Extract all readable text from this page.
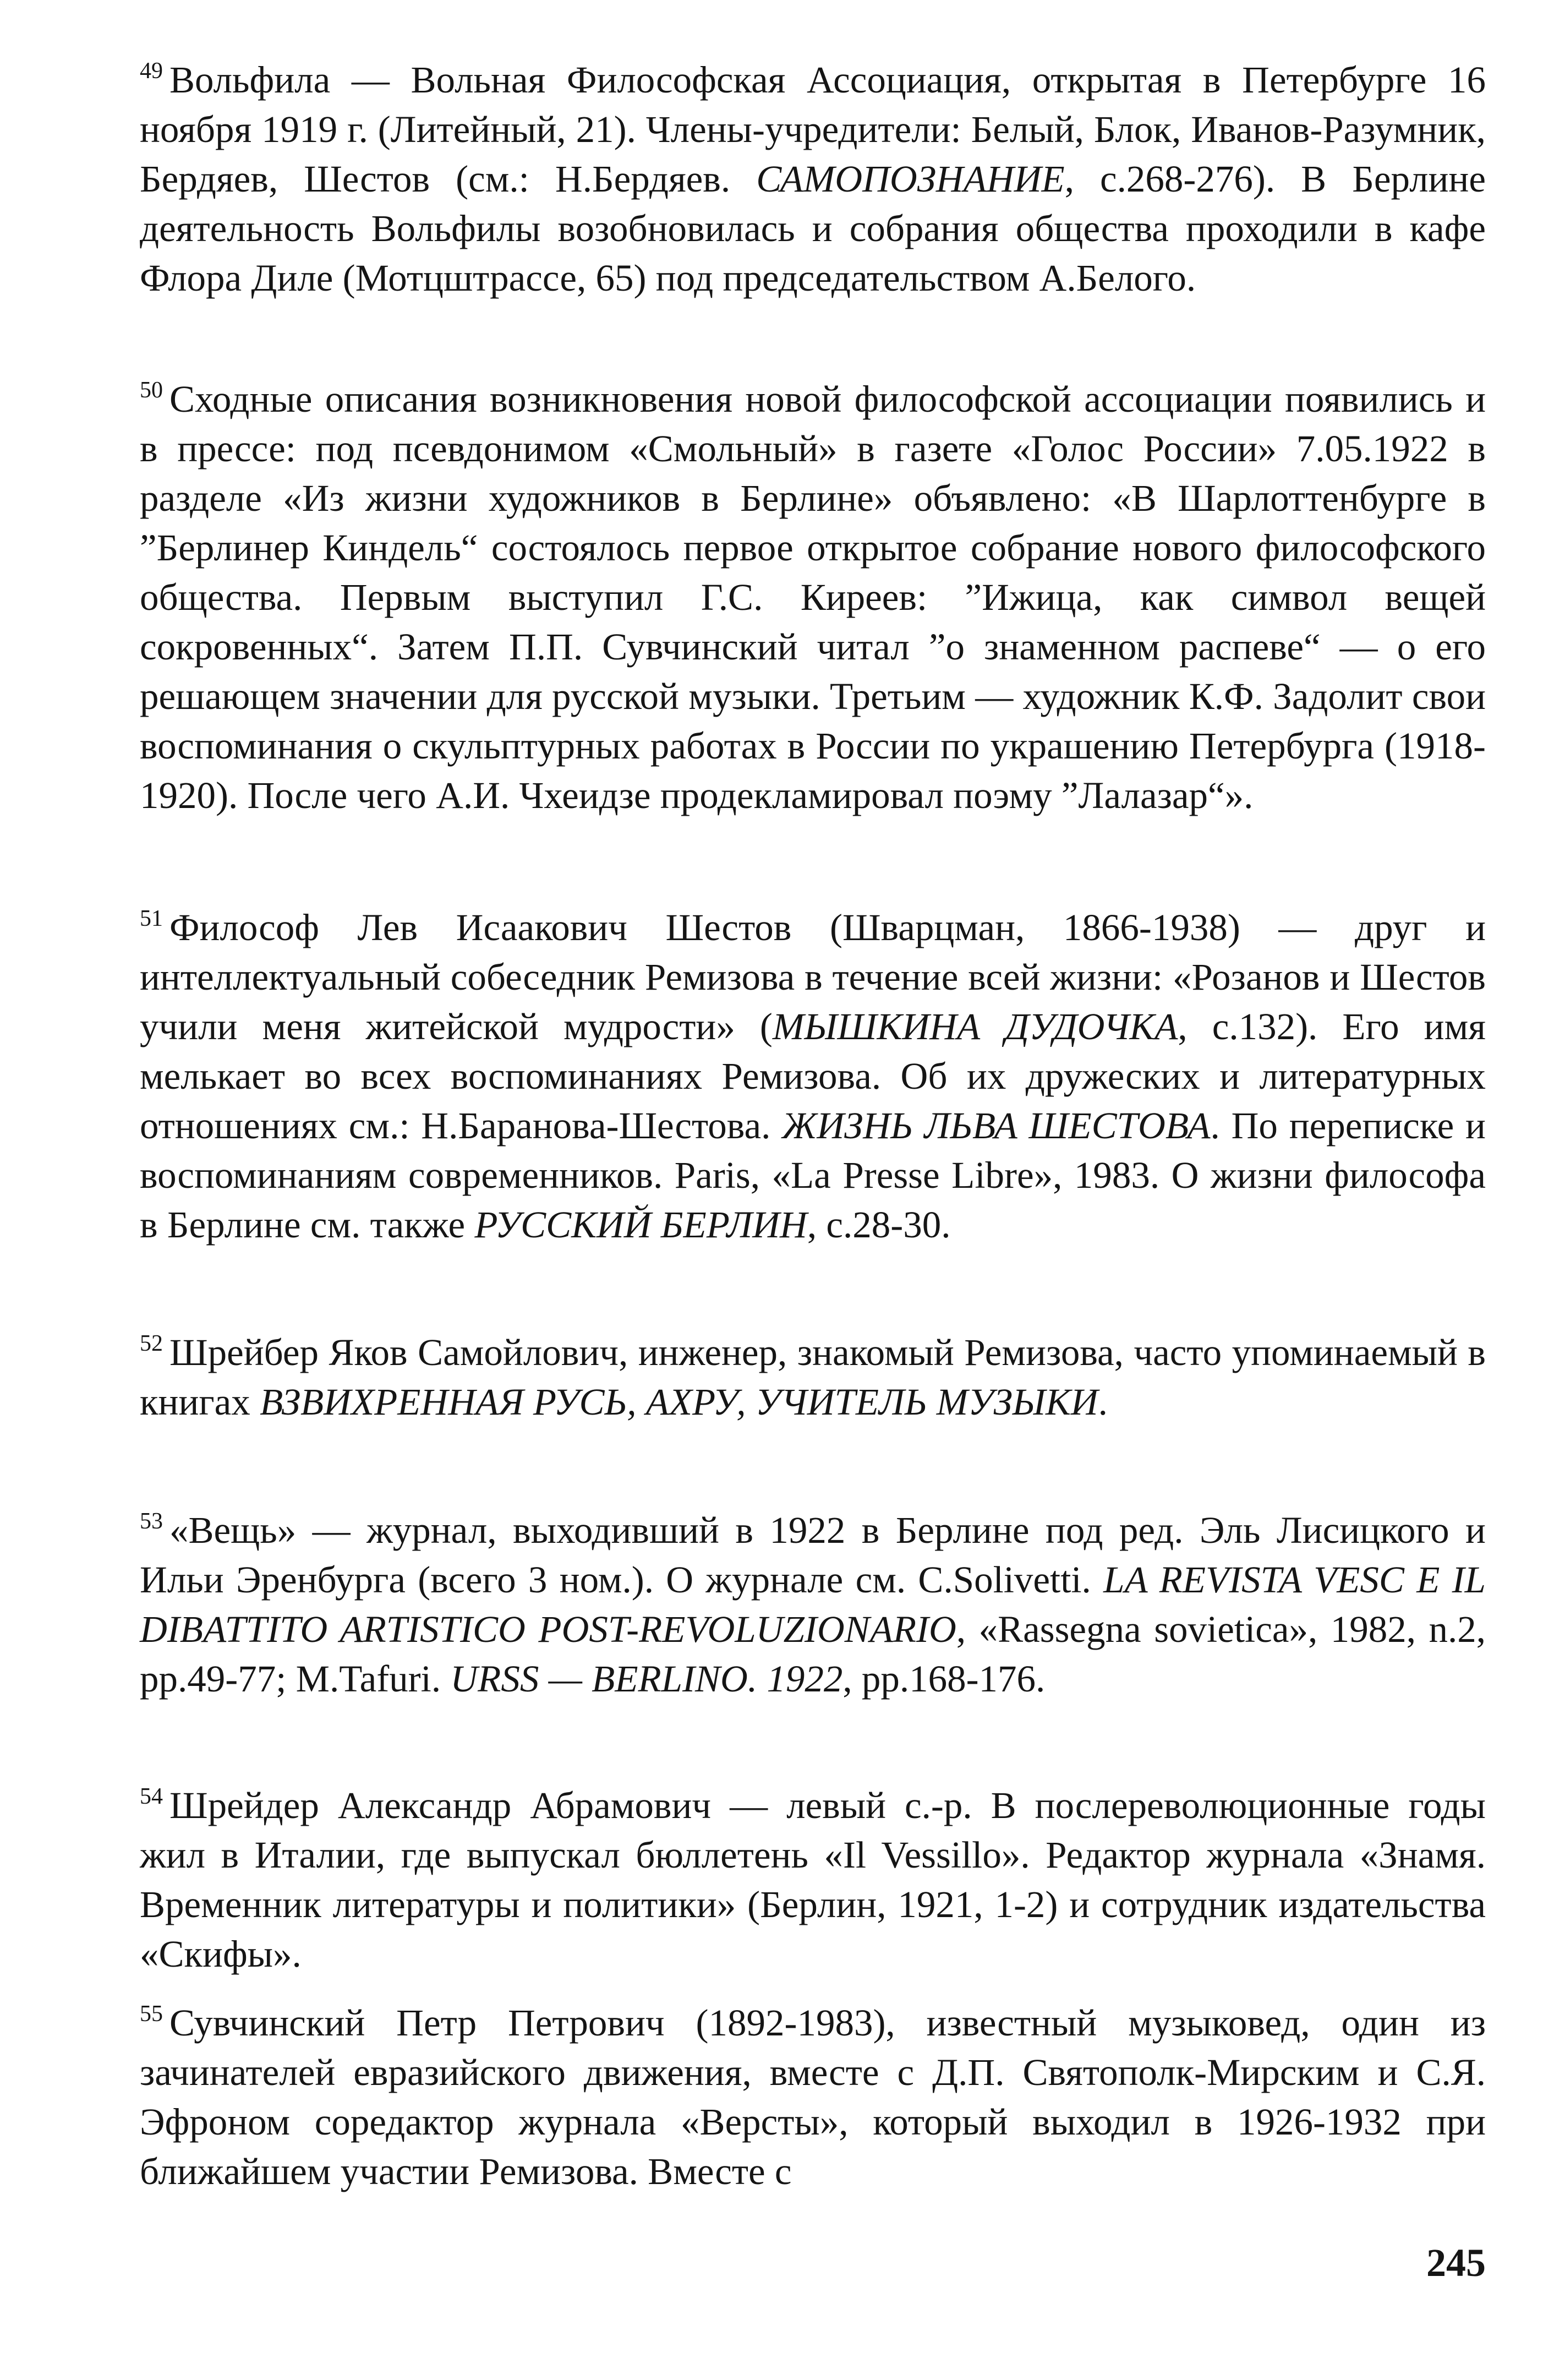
$^{49}$ Вольфила — Вольная Философская Ассоциация, открытая в Петербурге 16 ноября 1919 г. (Литейный, 21). Члены-учредители: Белый, Блок, Иванов-Разумник, Бердяев, Шестов (см.: Н.Бердяев. САМОПОЗНАНИЕ, с.268-276). В Берлине деятельность Вольфилы возобновилась и собрания общества проходили в кафе Флора Диле (Мотцштрассе, 65) под председательством А.Белого.

$^{50}$ Сходные описания возникновения новой философской ассоциации появились и в прессе: под псевдонимом «Смольный» в газете «Голос России» 7.05.1922 в разделе «Из жизни художников в Берлине» объявлено: «В Шарлоттенбурге в ”Берлинер Киндель“ состоялось первое открытое собрание нового философского общества. Первым выступил Г.С. Киреев: ”Ижица, как символ вещей сокровенных“. Затем П.П. Сувчинский читал ”о знаменном распеве“ — о его решающем значении для русской музыки. Третьим — художник К.Ф. Задолит свои воспоминания о скульптурных работах в России по украшению Петербурга (1918-1920). После чего А.И. Чхеидзе продекламировал поэму ”Лалазар“».

$^{51}$ Философ Лев Исаакович Шестов (Шварцман, 1866-1938) — друг и интеллектуальный собеседник Ремизова в течение всей жизни: «Розанов и Шестов учили меня житейской мудрости» (МЫШКИНА ДУДОЧКА, с.132). Его имя мелькает во всех воспоминаниях Ремизова. Об их дружеских и литературных отношениях см.: Н.Баранова-Шестова. ЖИЗНЬ ЛЬВА ШЕСТОВА. По переписке и воспоминаниям современников. Paris, «La Presse Libre», 1983. О жизни философа в Берлине см. также РУССКИЙ БЕРЛИН, с.28-30.

$^{52}$ Шрейбер Яков Самойлович, инженер, знакомый Ремизова, часто упоминаемый в книгах ВЗВИХРЕННАЯ РУСЬ, АХРУ, УЧИТЕЛЬ МУЗЫКИ.

$^{53}$ «Вещь» — журнал, выходивший в 1922 в Берлине под ред. Эль Лисицкого и Ильи Эренбурга (всего 3 ном.). О журнале см. C.Solivetti. LA REVISTA VESC E IL DIBATTITO ARTISTICO POST-REVOLUZIONARIO, «Rassegna sovietica», 1982, n.2, pp.49-77; M.Tafuri. URSS — BERLINO. 1922, pp.168-176.

$^{54}$ Шрейдер Александр Абрамович — левый с.-р. В послереволюционные годы жил в Италии, где выпускал бюллетень «Il Vessillo». Редактор журнала «Знамя. Временник литературы и политики» (Берлин, 1921, 1-2) и сотрудник издательства «Скифы».

$^{55}$ Сувчинский Петр Петрович (1892-1983), известный музыковед, один из зачинателей евразийского движения, вместе с Д.П. Святополк-Мирским и С.Я. Эфроном соредактор журнала «Версты», который выходил в 1926-1932 при ближайшем участии Ремизова. Вместе с

245
